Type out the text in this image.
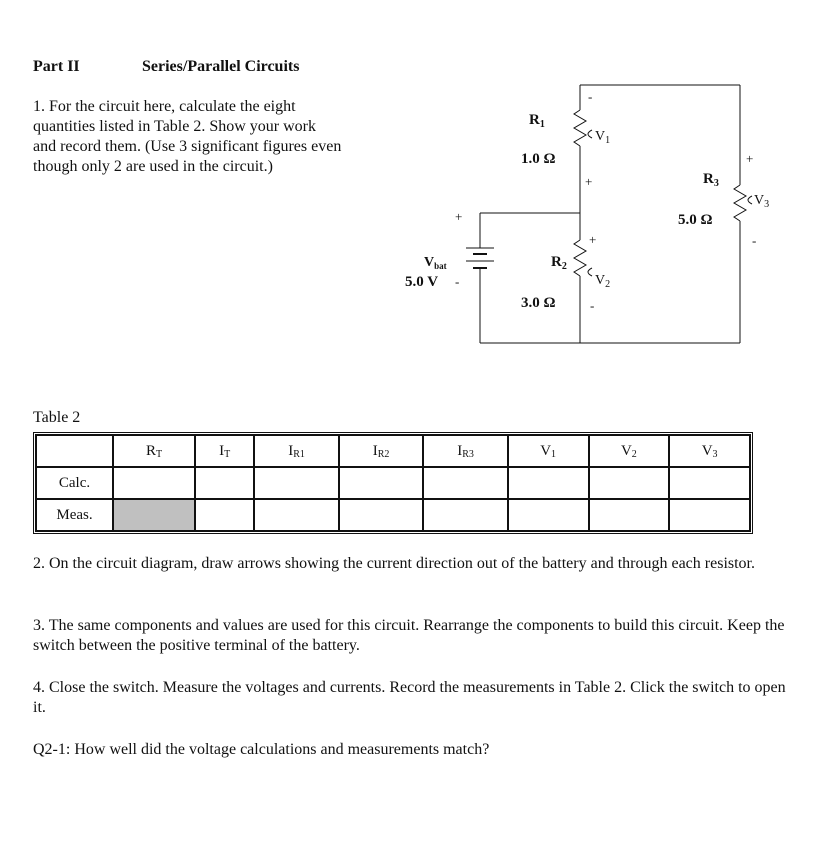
Part II	Series/Parallel Circuits
1. For the circuit here, calculate the eight
quantities listed in Table 2. Show your work
and record them. (Use 3 significant figures even
though only 2 are used in the circuit.)
$R_1$
1.0 Ω
-
$V_1$
+
+
$R_2$
$V_2$
3.0 Ω	-
+
$R_3$
$V_3$
5.0 Ω
-
+
$V_{bat}$
5.0 V -
Table 2
	$R_T$	$I_T$	$I_{R1}$	$I_{R2}$	$I_{R3}$	$V_1$	$V_2$	$V_3$
Calc.								
Meas.								
2. On the circuit diagram, draw arrows showing the current direction out of the battery and through each resistor.
3. The same components and values are used for this circuit. Rearrange the components to build this circuit. Keep the switch between the positive terminal of the battery.
4. Close the switch. Measure the voltages and currents. Record the measurements in Table 2. Click the switch to open it.
Q2-1: How well did the voltage calculations and measurements match?
